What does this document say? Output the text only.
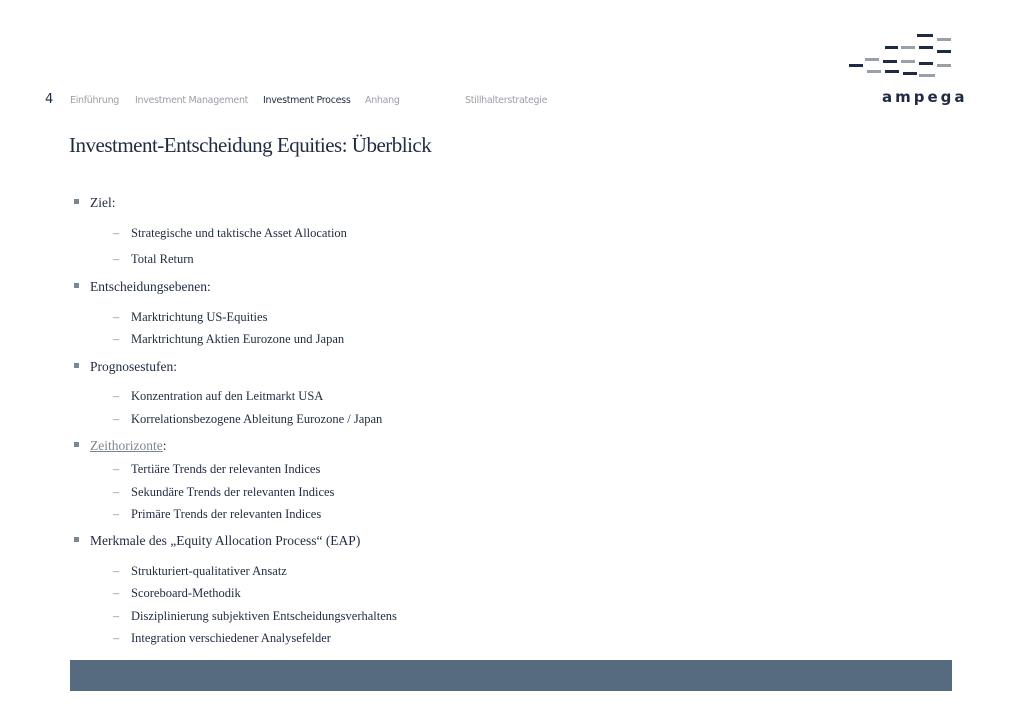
4 Einführung Investment Management Investment Process Anhang	Stillhalterstrategie	ampega
Investment-Entscheidung Equities: Überblick
Ziel:
– Strategische und taktische Asset Allocation
– Total Return
Entscheidungsebenen:
– Marktrichtung US-Equities
– Marktrichtung Aktien Eurozone und Japan
Prognosestufen:
– Konzentration auf den Leitmarkt USA
– Korrelationsbezogene Ableitung Eurozone / Japan
Zeithorizonte:
– Tertiäre Trends der relevanten Indices
– Sekundäre Trends der relevanten Indices
– Primäre Trends der relevanten Indices
Merkmale des „Equity Allocation Process“ (EAP)
– Strukturiert-qualitativer Ansatz
– Scoreboard-Methodik
– Disziplinierung subjektiven Entscheidungsverhaltens
– Integration verschiedener Analysefelder
